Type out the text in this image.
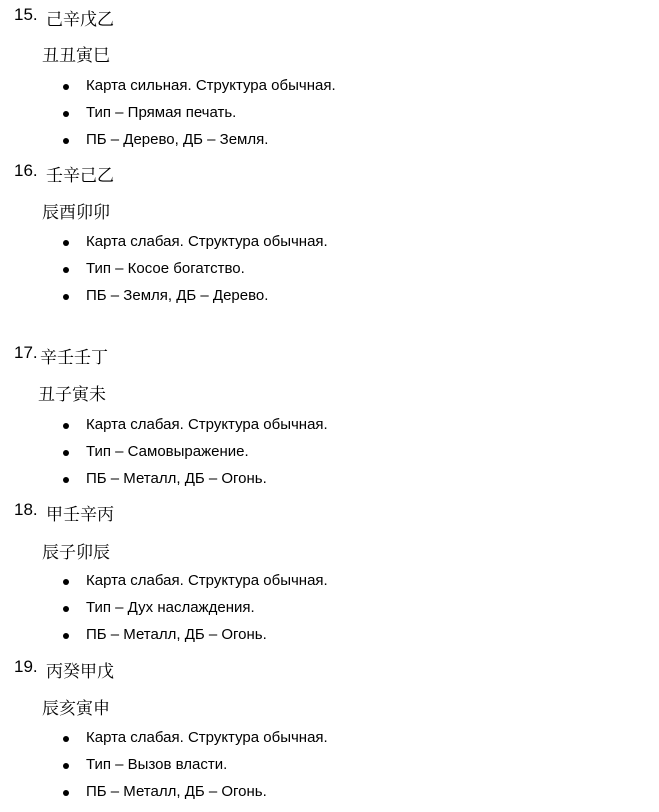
15. 己辛戊乙
丑丑寅巳
Карта сильная. Структура обычная.
Тип – Прямая печать.
ПБ – Дерево, ДБ – Земля.
16. 壬辛己乙
辰酉卯卯
Карта слабая. Структура обычная.
Тип – Косое богатство.
ПБ – Земля, ДБ – Дерево.
17. 辛壬壬丁
丑子寅未
Карта слабая. Структура обычная.
Тип – Самовыражение.
ПБ – Металл, ДБ – Огонь.
18. 甲壬辛丙
辰子卯辰
Карта слабая. Структура обычная.
Тип – Дух наслаждения.
ПБ – Металл, ДБ – Огонь.
19. 丙癸甲戊
辰亥寅申
Карта слабая. Структура обычная.
Тип – Вызов власти.
ПБ – Металл, ДБ – Огонь.
